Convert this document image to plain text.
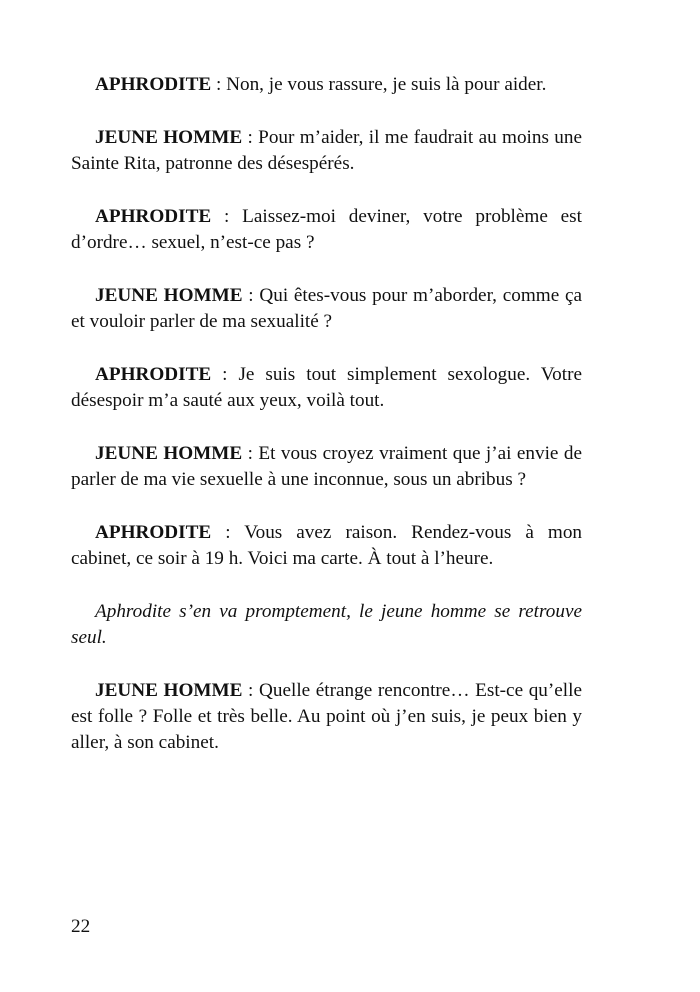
APHRODITE : Non, je vous rassure, je suis là pour aider.

JEUNE HOMME : Pour m’aider, il me faudrait au moins une Sainte Rita, patronne des désespérés.

APHRODITE : Laissez-moi deviner, votre problème est d’ordre… sexuel, n’est-ce pas ?

JEUNE HOMME : Qui êtes-vous pour m’aborder, comme ça et vouloir parler de ma sexualité ?

APHRODITE : Je suis tout simplement sexologue. Votre désespoir m’a sauté aux yeux, voilà tout.

JEUNE HOMME : Et vous croyez vraiment que j’ai envie de parler de ma vie sexuelle à une inconnue, sous un abribus ?

APHRODITE : Vous avez raison. Rendez-vous à mon cabinet, ce soir à 19 h. Voici ma carte. À tout à l’heure.

Aphrodite s’en va promptement, le jeune homme se retrouve seul.

JEUNE HOMME : Quelle étrange rencontre… Est-ce qu’elle est folle ? Folle et très belle. Au point où j’en suis, je peux bien y aller, à son cabinet.

22
